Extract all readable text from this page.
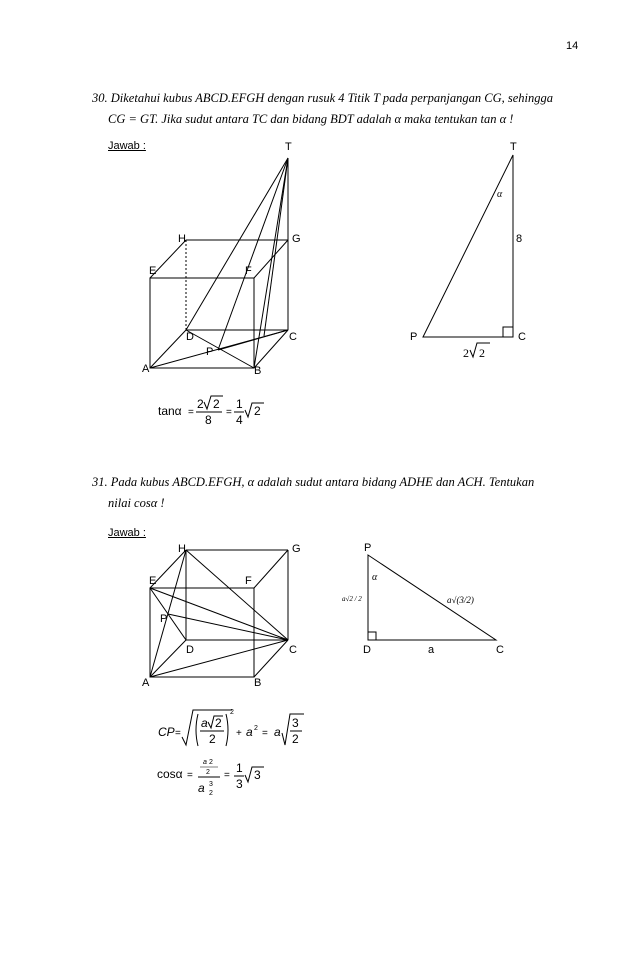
14
30. Diketahui kubus ABCD.EFGH dengan rusuk 4 Titik T pada perpanjangan CG, sehingga
CG = GT. Jika sudut antara TC dan bidang BDT adalah α maka tentukan tan α !
Jawab :	T
H	G
E	F
D	C
P
A	B
T
α
8
P	C
2 2
tanα =
2 2
8
=
1
4
2
H	G
E	F
P
D	C
A	B
P
α
a√2 / 2	a√(3/2)
D	a	C
CP =
a 2
2
2
+ a 2 = a
3
2
cosα =
a 2
2
a 3
2
=
1
3
3
31. Pada kubus ABCD.EFGH, α adalah sudut antara bidang ADHE dan ACH. Tentukan
nilai cosα !
Jawab :
